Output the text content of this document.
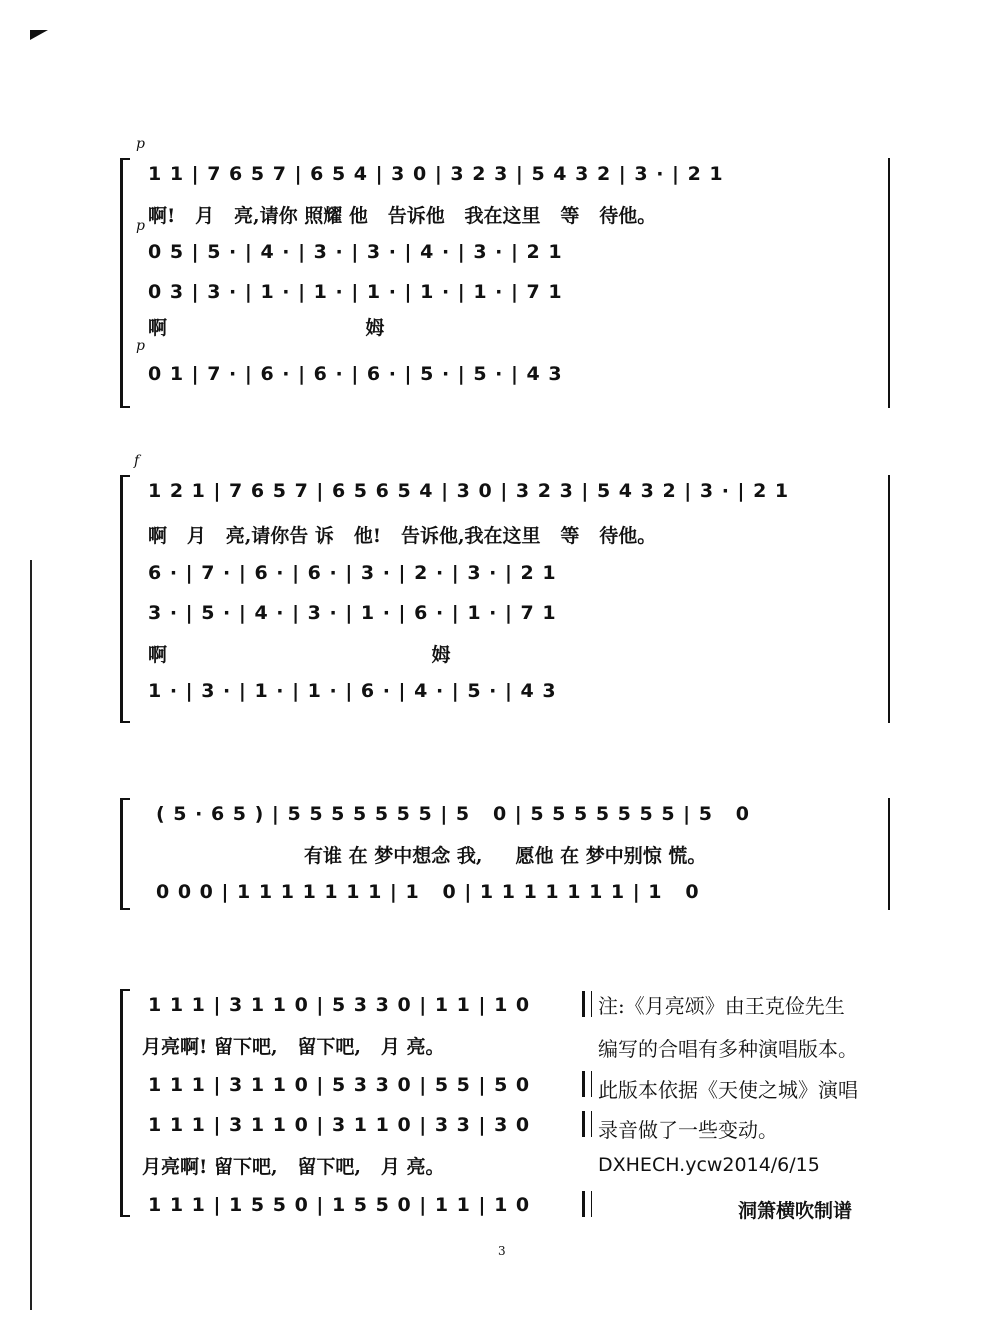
p
1 1 | 7 6 5 7 | 6 5 4 | 3 0 | 3 2 3 | 5 4 3 2 | 3 · | 2 1
啊!   月   亮,请你 照耀 他   告诉他   我在这里   等   待他。
p
0 5 | 5 · | 4 · | 3 · | 3 · | 4 · | 3 · | 2 1
0 3 | 3 · | 1 · | 1 · | 1 · | 1 · | 1 · | 7 1
啊                              姆
p
0 1 | 7 · | 6 · | 6 · | 6 · | 5 · | 5 · | 4 3
f
1 2 1 | 7 6 5 7 | 6 5 6 5 4 | 3 0 | 3 2 3 | 5 4 3 2 | 3 · | 2 1
啊   月   亮,请你告 诉   他!   告诉他,我在这里   等   待他。
6 · | 7 · | 6 · | 6 · | 3 · | 2 · | 3 · | 2 1
3 · | 5 · | 4 · | 3 · | 1 · | 6 · | 1 · | 7 1
啊                                        姆
1 · | 3 · | 1 · | 1 · | 6 · | 4 · | 5 · | 4 3
( 5 · 6 5 ) | 5 5 5 5 5 5 5 | 5   0 | 5 5 5 5 5 5 5 | 5   0
有谁 在 梦中想念 我,     愿他 在 梦中别惊 慌。
0 0 0 | 1 1 1 1 1 1 1 | 1   0 | 1 1 1 1 1 1 1 | 1   0
1 1 1 | 3 1 1 0 | 5 3 3 0 | 1 1 | 1 0
月亮啊! 留下吧,   留下吧,   月 亮。
1 1 1 | 3 1 1 0 | 5 3 3 0 | 5 5 | 5 0
1 1 1 | 3 1 1 0 | 3 1 1 0 | 3 3 | 3 0
月亮啊! 留下吧,   留下吧,   月 亮。
1 1 1 | 1 5 5 0 | 1 5 5 0 | 1 1 | 1 0
注:《月亮颂》由王克俭先生
编写的合唱有多种演唱版本。
此版本依据《天使之城》演唱
录音做了一些变动。
DXHECH.ycw2014/6/15
洞箫横吹制谱
3
